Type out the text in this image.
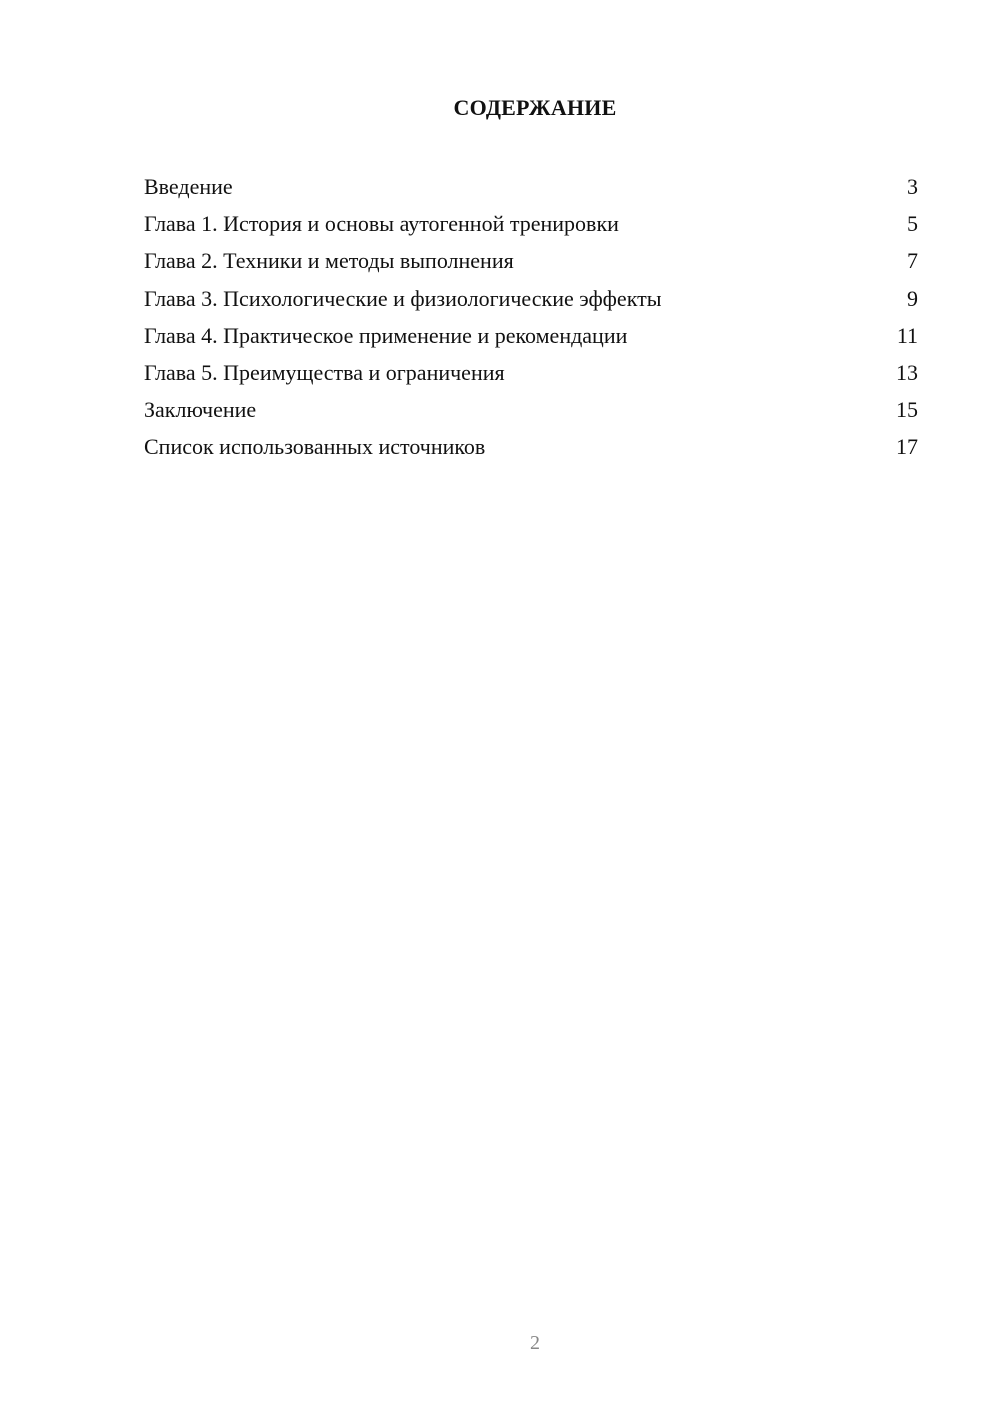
СОДЕРЖАНИЕ
Введение	3
Глава 1. История и основы аутогенной тренировки	5
Глава 2. Техники и методы выполнения	7
Глава 3. Психологические и физиологические эффекты	9
Глава 4. Практическое применение и рекомендации	11
Глава 5. Преимущества и ограничения	13
Заключение	15
Список использованных источников	17
2
